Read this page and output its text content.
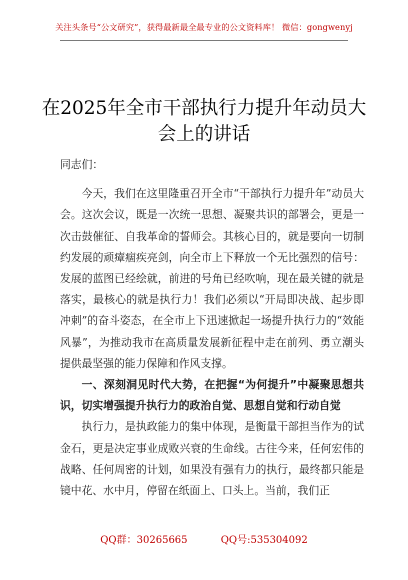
关注头条号“公文研究”，获得最新最全最专业的公文资料库！ 微信：gongwenyj
在2025年全市干部执行力提升年动员大会上的讲话

同志们：

今天，我们在这里隆重召开全市“干部执行力提升年”动员大会。这次会议，既是一次统一思想、凝聚共识的部署会，更是一次击鼓催征、自我革命的誓师会。其核心目的，就是要向一切制约发展的顽瘴痼疾亮剑，向全市上下释放一个无比强烈的信号：发展的蓝图已经绘就，前进的号角已经吹响，现在最关键的就是落实，最核心的就是执行力！我们必须以“开局即决战、起步即冲刺”的奋斗姿态，在全市上下迅速掀起一场提升执行力的“效能风暴”，为推动我市在高质量发展新征程中走在前列、勇立潮头提供最坚强的能力保障和作风支撑。

一、深刻洞见时代大势，在把握“为何提升”中凝聚思想共识，切实增强提升执行力的政治自觉、思想自觉和行动自觉

执行力，是执政能力的集中体现，是衡量干部担当作为的试金石，更是决定事业成败兴衰的生命线。古往今来，任何宏伟的战略、任何周密的计划，如果没有强有力的执行，最终都只能是镜中花、水中月，停留在纸面上、口头上。当前，我们正

QQ群：30265665	QQ号:535304092
